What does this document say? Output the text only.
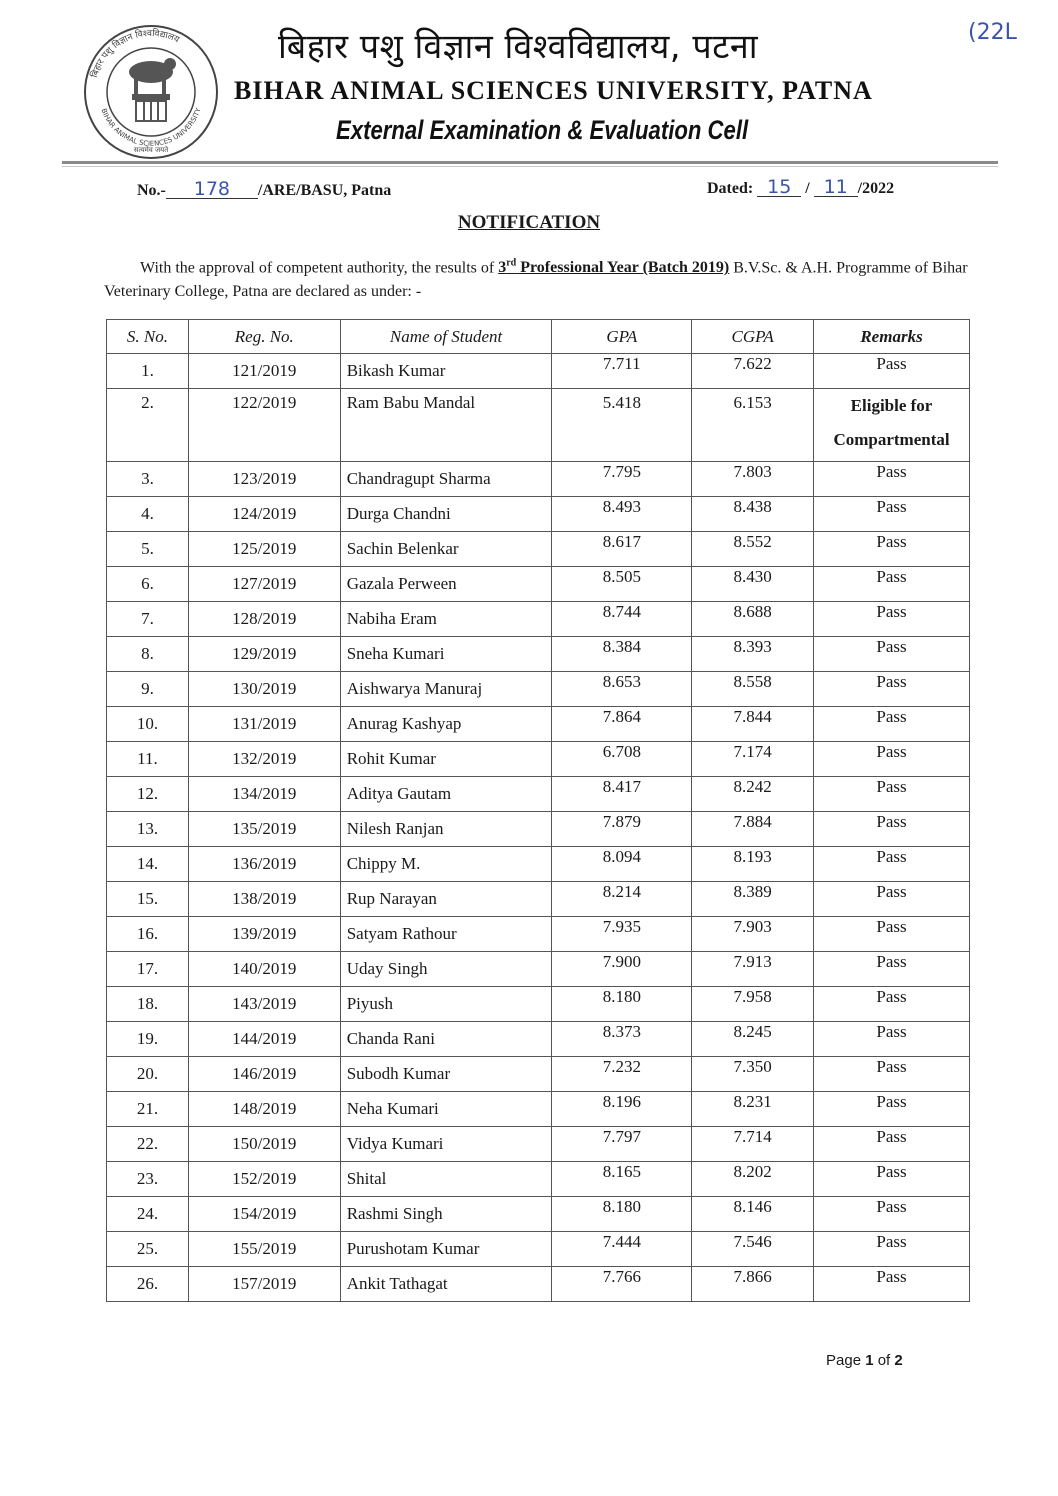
बिहार पशु विज्ञान विश्वविद्यालय
BIHAR ANIMAL SCIENCES UNIVERSITY
सत्यमेव जयते
बिहार पशु विज्ञान विश्वविद्यालय, पटना
BIHAR ANIMAL SCIENCES UNIVERSITY, PATNA
External Examination & Evaluation Cell
(22L
No.- 178 /ARE/BASU, Patna	Dated: 15 / 11 /2022
NOTIFICATION
With the approval of competent authority, the results of 3rd Professional Year (Batch 2019) B.V.Sc. & A.H. Programme of Bihar Veterinary College, Patna are declared as under: -
S. No.	Reg. No.	Name of Student	GPA	CGPA	Remarks
1.	121/2019	Bikash Kumar	7.711	7.622	Pass
2.	122/2019	Ram Babu Mandal	5.418	6.153	Eligible for Compartmental
3.	123/2019	Chandragupt Sharma	7.795	7.803	Pass
4.	124/2019	Durga Chandni	8.493	8.438	Pass
5.	125/2019	Sachin Belenkar	8.617	8.552	Pass
6.	127/2019	Gazala Perween	8.505	8.430	Pass
7.	128/2019	Nabiha Eram	8.744	8.688	Pass
8.	129/2019	Sneha Kumari	8.384	8.393	Pass
9.	130/2019	Aishwarya Manuraj	8.653	8.558	Pass
10.	131/2019	Anurag Kashyap	7.864	7.844	Pass
11.	132/2019	Rohit Kumar	6.708	7.174	Pass
12.	134/2019	Aditya Gautam	8.417	8.242	Pass
13.	135/2019	Nilesh Ranjan	7.879	7.884	Pass
14.	136/2019	Chippy M.	8.094	8.193	Pass
15.	138/2019	Rup Narayan	8.214	8.389	Pass
16.	139/2019	Satyam Rathour	7.935	7.903	Pass
17.	140/2019	Uday Singh	7.900	7.913	Pass
18.	143/2019	Piyush	8.180	7.958	Pass
19.	144/2019	Chanda Rani	8.373	8.245	Pass
20.	146/2019	Subodh Kumar	7.232	7.350	Pass
21.	148/2019	Neha Kumari	8.196	8.231	Pass
22.	150/2019	Vidya Kumari	7.797	7.714	Pass
23.	152/2019	Shital	8.165	8.202	Pass
24.	154/2019	Rashmi Singh	8.180	8.146	Pass
25.	155/2019	Purushotam Kumar	7.444	7.546	Pass
26.	157/2019	Ankit Tathagat	7.766	7.866	Pass
Page 1 of 2
